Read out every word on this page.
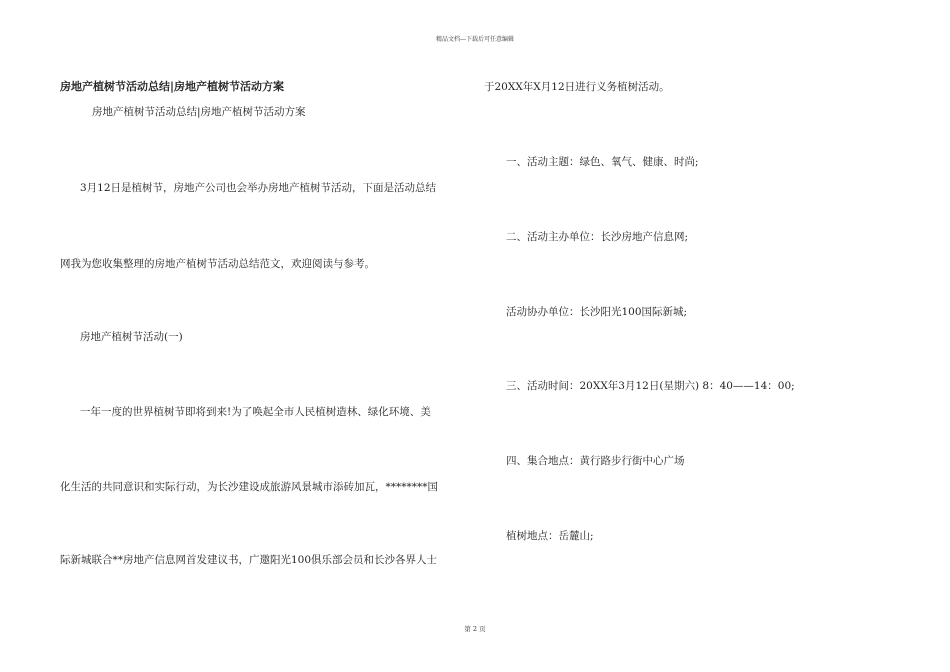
精品文档---下载后可任意编辑
房地产植树节活动总结|房地产植树节活动方案
房地产植树节活动总结|房地产植树节活动方案
3月12日是植树节，房地产公司也会举办房地产植树节活动，下面是活动总结
网我为您收集整理的房地产植树节活动总结范文，欢迎阅读与参考。
房地产植树节活动(一)
一年一度的世界植树节即将到来!为了唤起全市人民植树造林、绿化环境、美
化生活的共同意识和实际行动，为长沙建设成旅游风景城市添砖加瓦，********国
际新城联合**房地产信息网首发建议书，广邀阳光100俱乐部会员和长沙各界人士
于20XX年X月12日进行义务植树活动。
一、活动主题：绿色、氧气、健康、时尚;
二、活动主办单位：长沙房地产信息网;
活动协办单位：长沙阳光100国际新城;
三、活动时间：20XX年3月12日(星期六) 8：40——14：00;
四、集合地点：黄行路步行街中心广场
植树地点：岳麓山;
第 2 页
